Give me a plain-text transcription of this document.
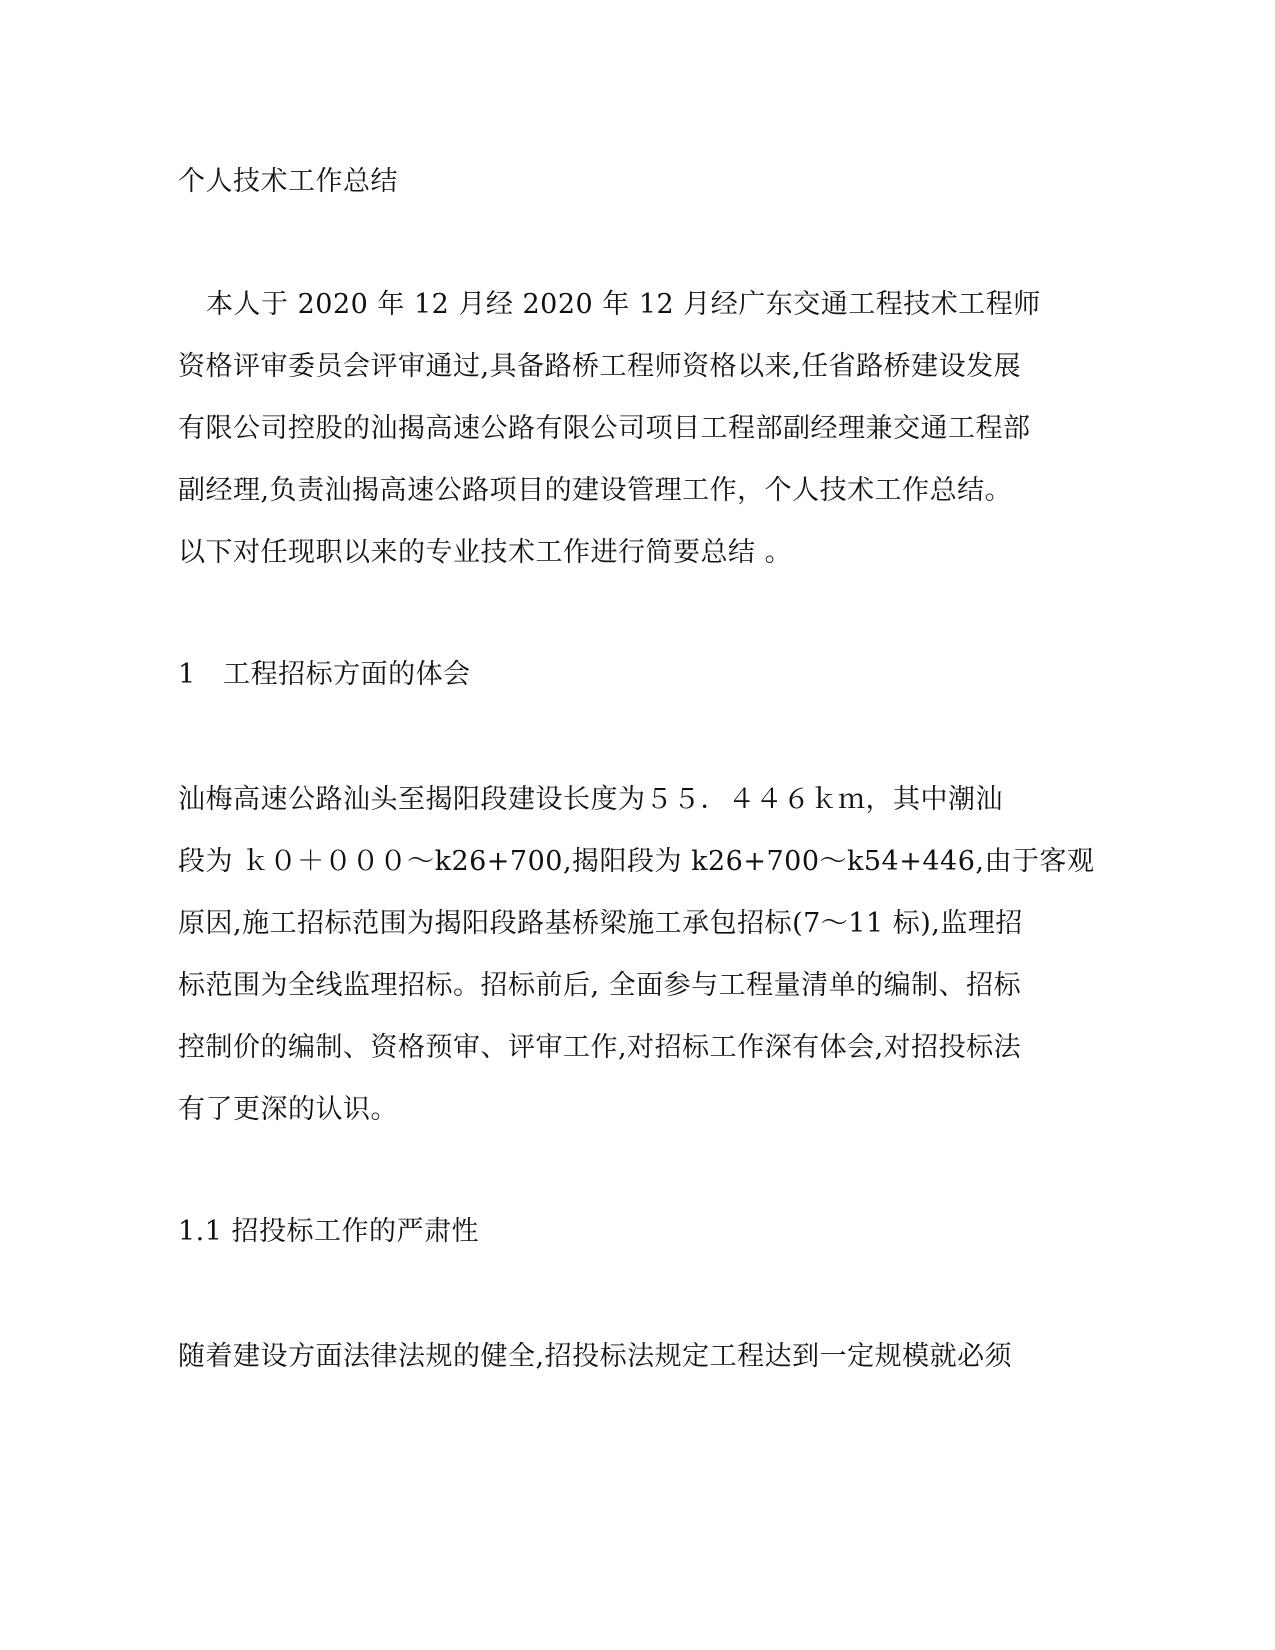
个人技术工作总结
本人于 2020 年 12 月经 2020 年 12 月经广东交通工程技术工程师
资格评审委员会评审通过,具备路桥工程师资格以来,任省路桥建设发展
有限公司控股的汕揭高速公路有限公司项目工程部副经理兼交通工程部
副经理,负责汕揭高速公路项目的建设管理工作，个人技术工作总结。
以下对任现职以来的专业技术工作进行简要总结 。
1　工程招标方面的体会
汕梅高速公路汕头至揭阳段建设长度为５５．４４６ｋｍ，其中潮汕
段为 ｋ０＋０００～k26+700,揭阳段为 k26+700～k54+446,由于客观
原因,施工招标范围为揭阳段路基桥梁施工承包招标(7～11 标),监理招
标范围为全线监理招标。招标前后, 全面参与工程量清单的编制、招标
控制价的编制、资格预审、评审工作,对招标工作深有体会,对招投标法
有了更深的认识。
1.1 招投标工作的严肃性
随着建设方面法律法规的健全,招投标法规定工程达到一定规模就必须
